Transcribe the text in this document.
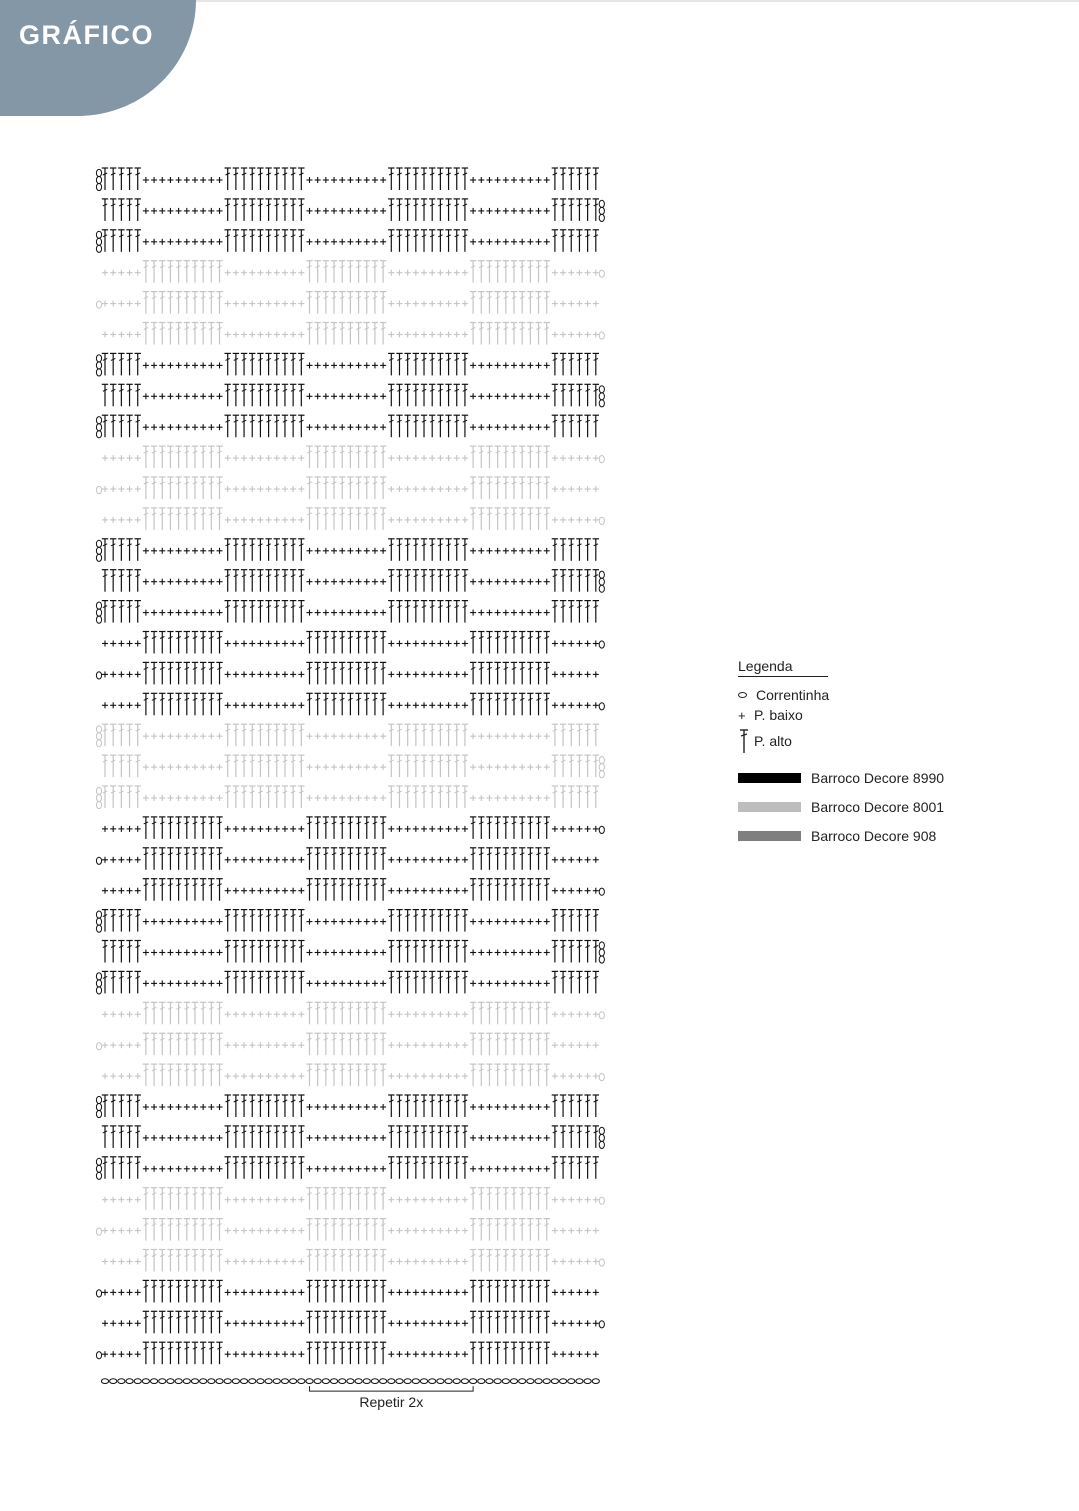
GRÁFICO
Repetir 2x
Legenda
Correntinha
+ P. baixo
P. alto
Barroco Decore 8990
Barroco Decore 8001
Barroco Decore 908
